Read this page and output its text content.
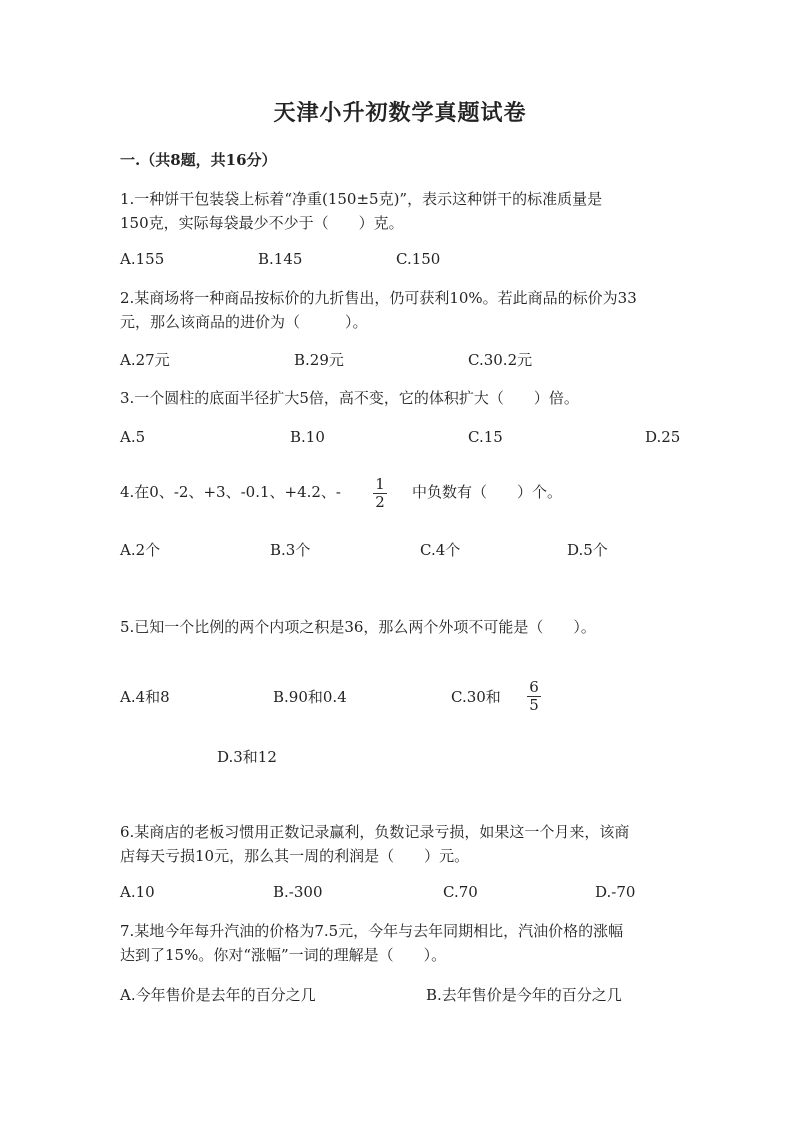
天津小升初数学真题试卷
一.（共8题，共16分）
1.一种饼干包装袋上标着“净重(150±5克)”，表示这种饼干的标准质量是
150克，实际每袋最少不少于（　　）克。
A.155	B.145	C.150
2.某商场将一种商品按标价的九折售出，仍可获利10%。若此商品的标价为33
元，那么该商品的进价为（　　　）。
A.27元	B.29元	C.30.2元
3.一个圆柱的底面半径扩大5倍，高不变，它的体积扩大（　　）倍。
A.5	B.10	C.15	D.25
4.在0、-2、+3、-0.1、+4.2、- 1
2
中负数有（　　）个。
A.2个	B.3个	C.4个	D.5个
5.已知一个比例的两个内项之积是36，那么两个外项不可能是（　　）。
A.4和8	B.90和0.4	C.30和
6
5
D.3和12
6.某商店的老板习惯用正数记录赢利，负数记录亏损，如果这一个月来，该商
店每天亏损10元，那么其一周的利润是（　　）元。
A.10	B.-300	C.70	D.-70
7.某地今年每升汽油的价格为7.5元，今年与去年同期相比，汽油价格的涨幅
达到了15%。你对“涨幅”一词的理解是（　　）。
A.今年售价是去年的百分之几	B.去年售价是今年的百分之几
